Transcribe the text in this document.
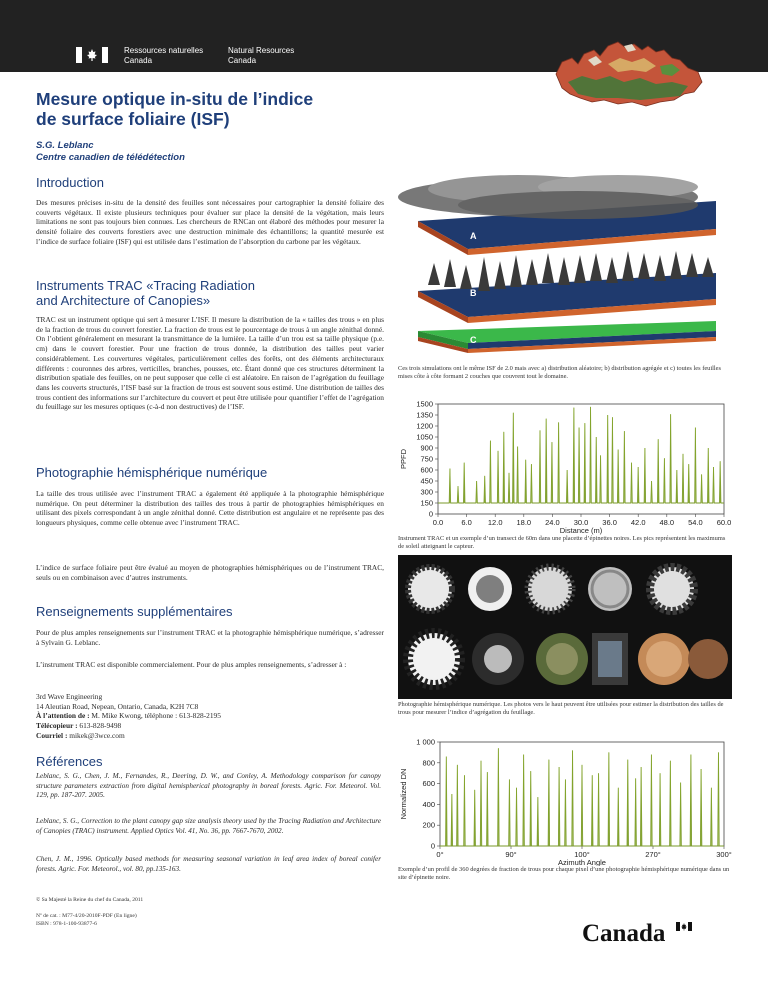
Ressources naturelles
Canada
Natural Resources
Canada
Mesure optique in-situ de l’indice
de surface foliaire (ISF)
S.G. Leblanc
Centre canadien de télédétection
Introduction
Des mesures précises in-situ de la densité des feuilles sont nécessaires pour cartographier la densité foliaire des couverts végétaux. Il existe plusieurs techniques pour évaluer sur place la densité de la végétation, mais leurs limitations ne sont pas toujours bien connues. Les chercheurs de RNCan ont élaboré des méthodes pour mesurer la densité foliaire des couverts forestiers avec une destruction minimale des échantillons; la quantité mesurée est l’indice de surface foliaire (ISF) qui est utilisée dans l’estimation de l’absorption du carbone par les végétaux.
Instruments TRAC «Tracing Radiation
and Architecture of Canopies»
TRAC est un instrument optique qui sert à mesurer L’ISF. Il mesure la distribution de la « tailles des trous » en plus de la fraction de trous du couvert forestier. La fraction de trous est le pourcentage de trous à un angle zénithal donné. On l’obtient généralement en mesurant la transmittance de la lumière. La taille d’un trou est sa taille physique (p.e. cm) dans le couvert forestier. Pour une fraction de trous donnée, la distribution des tailles peut varier considérablement. Les couvertures végétales, particulièrement celles des forêts, ont des éléments architecturaux différents : couronnes des arbres, verticilles, branches, pousses, etc. Étant donné que ces structures déterminent la distribution spatiale des feuilles, on ne peut supposer que celle ci est aléatoire. En raison de l’agrégation du feuillage dans les couverts structurés, l’ISF basé sur la fraction de trous est souvent sous estimé. Une distribution de tailles des trous contient des informations sur l’architecture du couvert et peut être utilisée pour quantifier l’effet de l’agrégation du feuillage sur les mesures optiques (c-à-d non destructives) de l’ISF.
Photographie hémisphérique numérique
La taille des trous utilisée avec l’instrument TRAC a également été appliquée à la photographie hémisphérique numérique. On peut déterminer la distribution des tailles des trous à partir de photographies hémisphériques en utilisant des pixels correspondant à un angle zénithal donné. Cette distribution est angulaire et ne représente pas des longueurs physiques, comme celle obtenue avec l’instrument TRAC.
L’indice de surface foliaire peut être évalué au moyen de photographies hémisphériques ou de l’instrument TRAC, seuls ou en combinaison avec d’autres instruments.
Renseignements supplémentaires
Pour de plus amples renseignements sur l’instrument TRAC et la photographie hémisphérique numérique, s’adresser à Sylvain G. Leblanc.
L’instrument TRAC est disponible commercialement. Pour de plus amples renseignements, s’adresser à :
3rd Wave Engineering
14 Aleutian Road, Nepean, Ontario, Canada, K2H 7C8
À l’attention de : M. Mike Kwong, téléphone : 613-828-2195
Télécopieur : 613-828-9498
Courriel : mikek@3wce.com
Références
Leblanc, S. G., Chen, J. M., Fernandes, R., Deering, D. W., and Conley, A. Methodology comparison for canopy structure parameters extraction from digital hemispherical photography in boreal forests. Agric. For. Meteorol. Vol. 129, pp. 187-207. 2005.
Leblanc, S. G., Correction to the plant canopy gap size analysis theory used by the Tracing Radiation and Architecture of Canopies (TRAC) instrument. Applied Optics Vol. 41, No. 36, pp. 7667-7670, 2002.
Chen, J. M., 1996. Optically based methods for measuring seasonal variation in leaf area index of boreal conifer forests. Agric. For. Meteorol., vol. 80, pp.135-163.
© Sa Majesté la Reine du chef du Canada, 2011
Nº de cat. : M77-4/20-2010F-PDF (En ligne)
ISBN : 978-1-100-93877-6	Canada
A
B
C
Ces trois simulations ont le même ISF de 2.0 mais avec a) distribution aléatoire; b) distribution agrégée et c) toutes les feuilles mises côte à côte formant 2 couches que couvrent tout le domaine.
0
150
300
450
600
750
900
1050
1200
1350
1500
0.0 6.0 12.0 18.0 24.0 30.0 36.0 42.0 48.0 54.0 60.0
Distance (m)
PPFD
Instrument TRAC et un exemple d’un transect de 60m dans une placette d’épinettes noires. Les pics représentent les maximums de soleil atteignant le capteur.
Photographie hémisphérique numérique. Les photos vers le haut peuvent être utilisées pour estimer la distribution des tailles de trous pour mesurer l’indice d’agrégation du feuillage.
0
200
400
600
800
1 000
0°	90°	100°	270°	300°
Azimuth Angle
Normalized DN
Exemple d’un profil de 360 degrées de fraction de trous pour chaque pixel d’une photographie hémisphérique numérique dans un site d’épinette noire.
